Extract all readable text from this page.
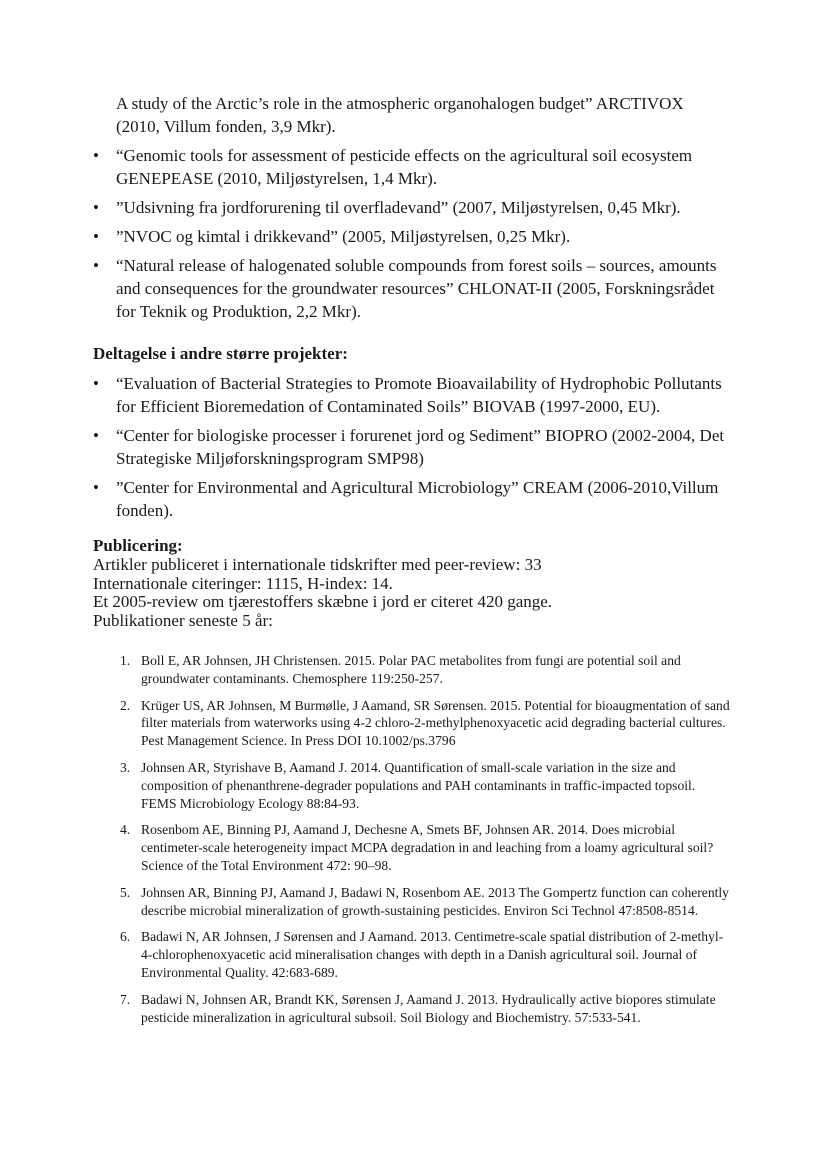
A study of the Arctic’s role in the atmospheric organohalogen budget” ARCTIVOX (2010, Villum fonden, 3,9 Mkr).
• “Genomic tools for assessment of pesticide effects on the agricultural soil ecosystem GENEPEASE (2010, Miljøstyrelsen, 1,4 Mkr).
• ”Udsivning fra jordforurening til overfladevand” (2007, Miljøstyrelsen, 0,45 Mkr).
• ”NVOC og kimtal i drikkevand” (2005, Miljøstyrelsen, 0,25 Mkr).
• “Natural release of halogenated soluble compounds from forest soils – sources, amounts and consequences for the groundwater resources” CHLONAT-II (2005, Forskningsrådet for Teknik og Produktion, 2,2 Mkr).
Deltagelse i andre større projekter:
• “Evaluation of Bacterial Strategies to Promote Bioavailability of Hydrophobic Pollutants for Efficient Bioremedation of Contaminated Soils” BIOVAB (1997-2000, EU).
• “Center for biologiske processer i forurenet jord og Sediment” BIOPRO (2002-2004, Det Strategiske Miljøforskningsprogram SMP98)
• ”Center for Environmental and Agricultural Microbiology” CREAM (2006-2010,Villum fonden).
Publicering:
Artikler publiceret i internationale tidskrifter med peer-review: 33
Internationale citeringer: 1115, H-index: 14.
Et 2005-review om tjærestoffers skæbne i jord er citeret 420 gange.
Publikationer seneste 5 år:
1. Boll E, AR Johnsen, JH Christensen. 2015. Polar PAC metabolites from fungi are potential soil and groundwater contaminants. Chemosphere 119:250-257.
2. Krüger US, AR Johnsen, M Burmølle, J Aamand, SR Sørensen. 2015. Potential for bioaugmentation of sand filter materials from waterworks using 4-2 chloro-2-methylphenoxyacetic acid degrading bacterial cultures. Pest Management Science. In Press DOI 10.1002/ps.3796
3. Johnsen AR, Styrishave B, Aamand J. 2014. Quantification of small-scale variation in the size and composition of phenanthrene-degrader populations and PAH contaminants in traffic-impacted topsoil. FEMS Microbiology Ecology 88:84-93.
4. Rosenbom AE, Binning PJ, Aamand J, Dechesne A, Smets BF, Johnsen AR. 2014. Does microbial centimeter-scale heterogeneity impact MCPA degradation in and leaching from a loamy agricultural soil? Science of the Total Environment 472: 90–98.
5. Johnsen AR, Binning PJ, Aamand J, Badawi N, Rosenbom AE. 2013 The Gompertz function can coherently describe microbial mineralization of growth-sustaining pesticides. Environ Sci Technol 47:8508-8514.
6. Badawi N, AR Johnsen, J Sørensen and J Aamand. 2013. Centimetre-scale spatial distribution of 2-methyl-4-chlorophenoxyacetic acid mineralisation changes with depth in a Danish agricultural soil. Journal of Environmental Quality. 42:683-689.
7. Badawi N, Johnsen AR, Brandt KK, Sørensen J, Aamand J. 2013. Hydraulically active biopores stimulate pesticide mineralization in agricultural subsoil. Soil Biology and Biochemistry. 57:533-541.
